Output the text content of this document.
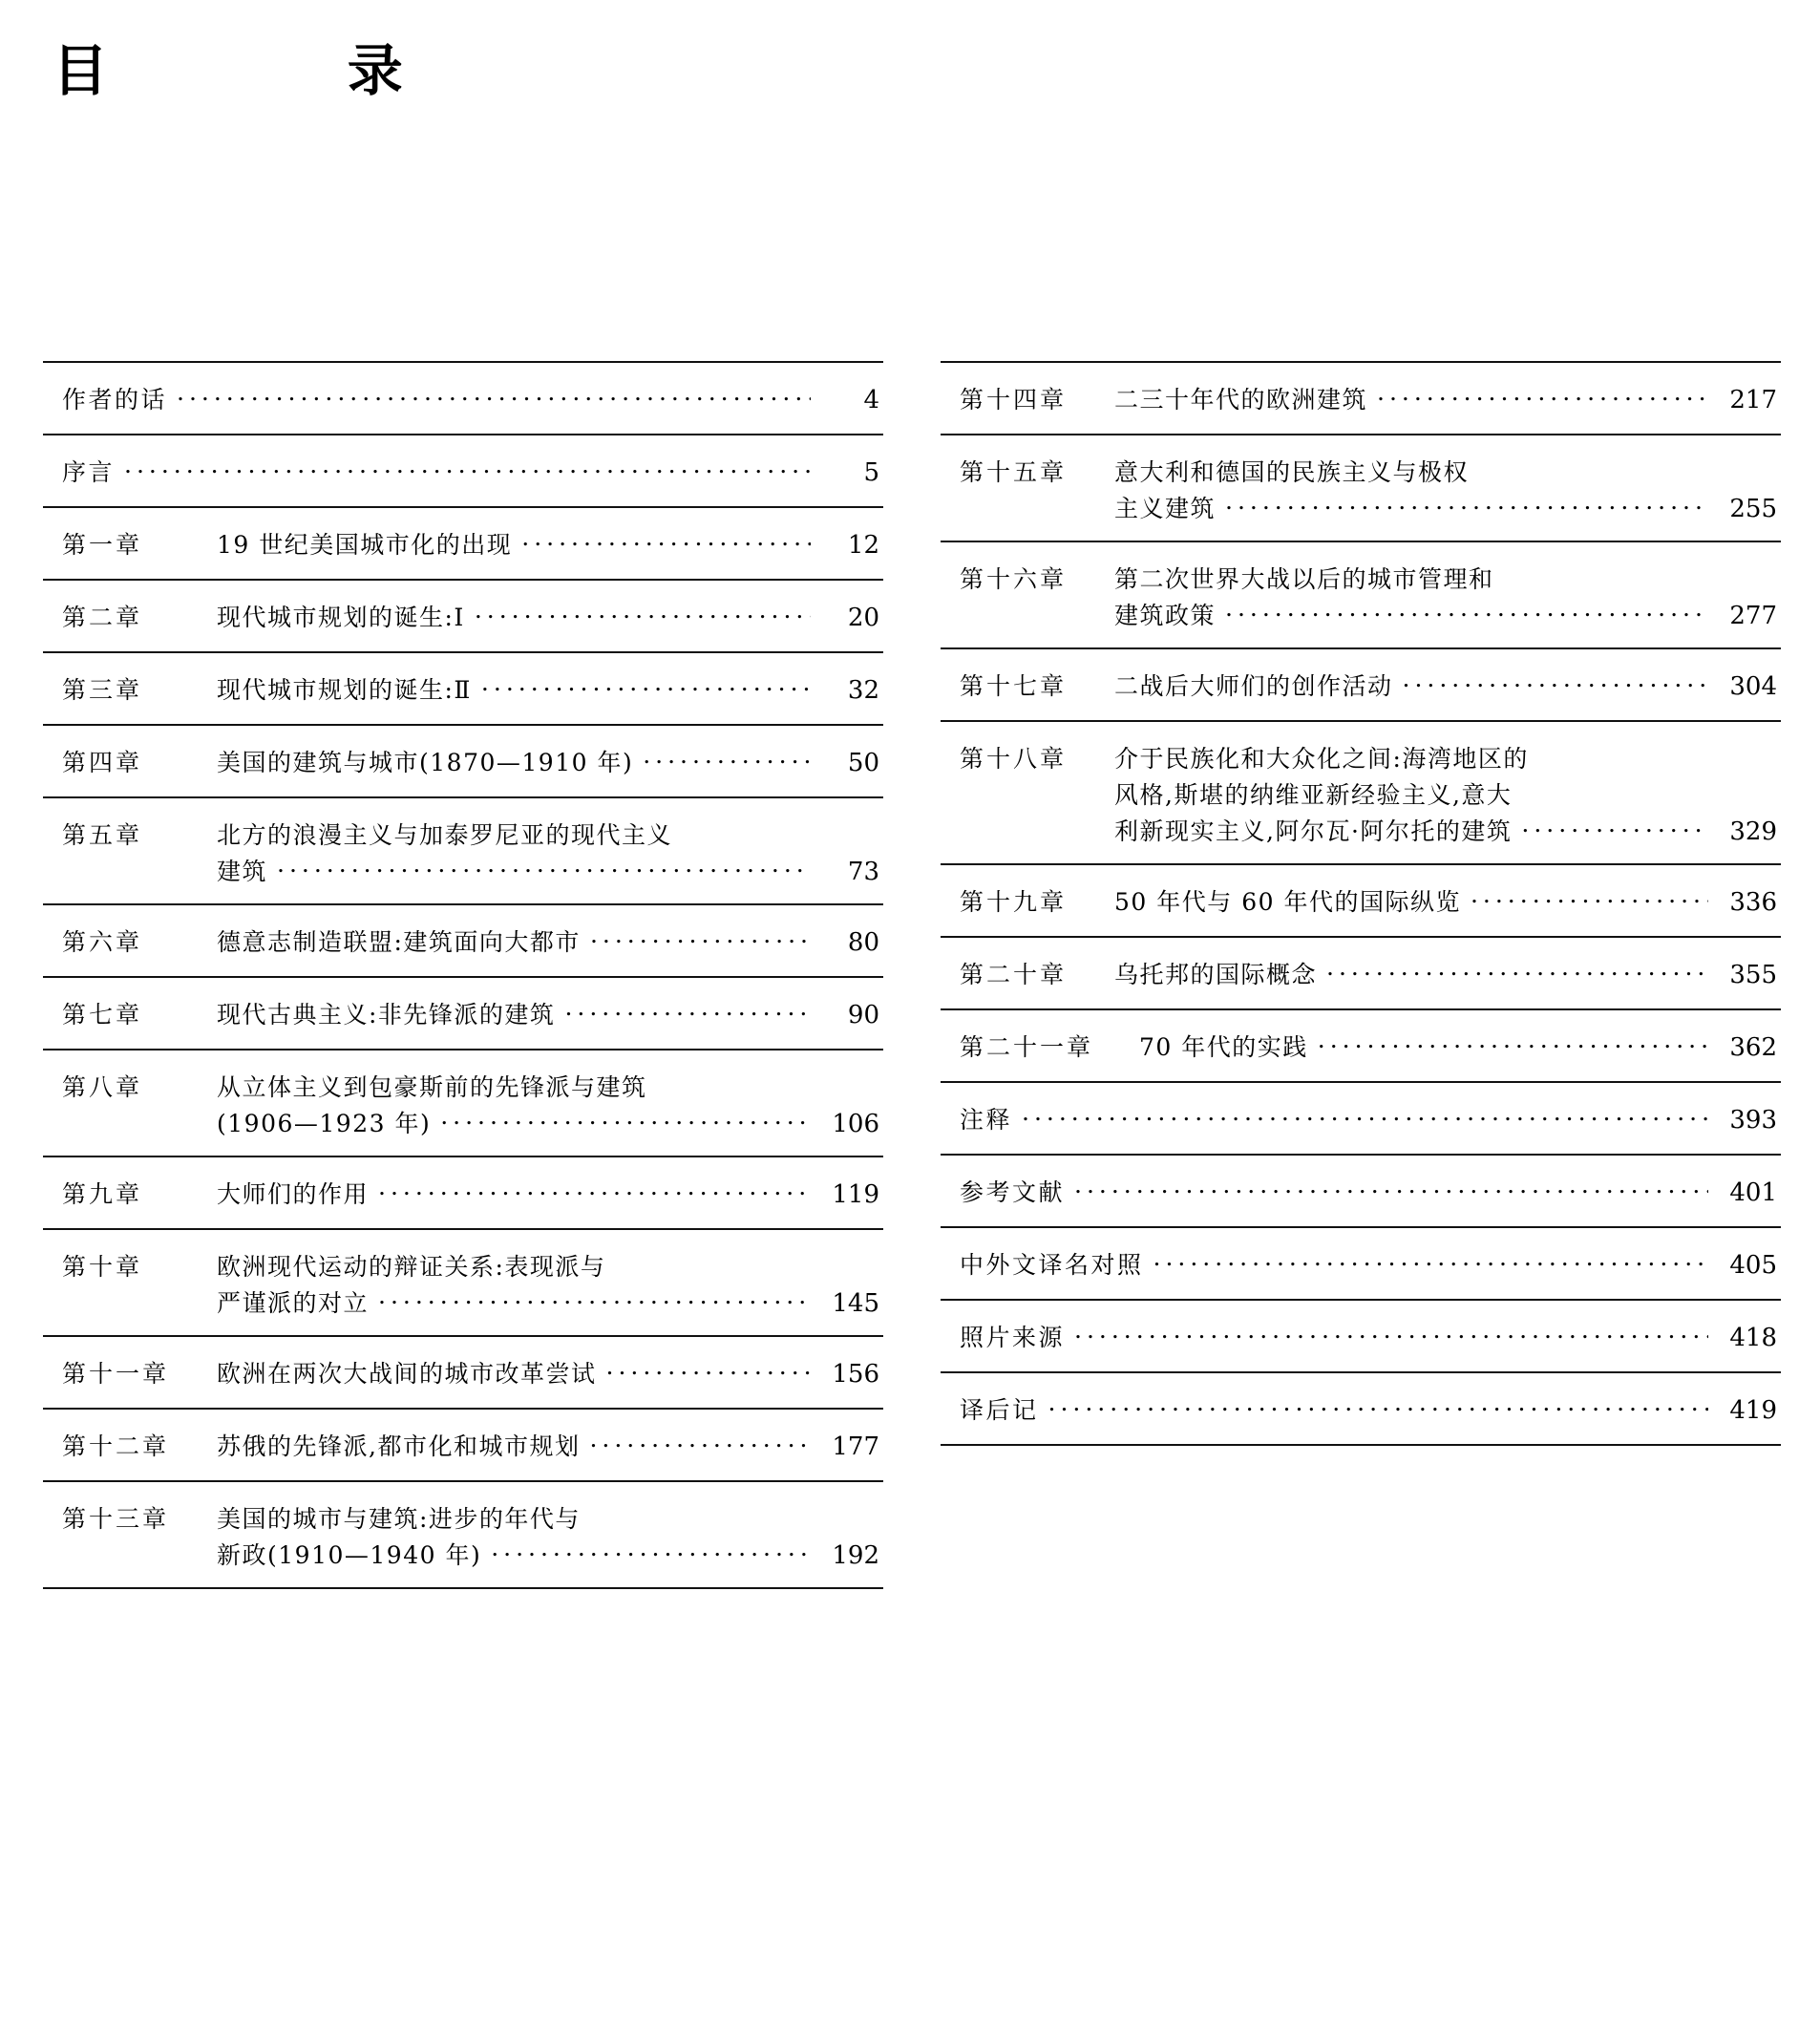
目    录
作者的话 .....	4
序言 .....	5
第一章	19 世纪美国城市化的出现 .....	12
第二章	现代城市规划的诞生:Ⅰ .....	20
第三章	现代城市规划的诞生:Ⅱ .....	32
第四章	美国的建筑与城市(1870—1910 年) .....	50
第五章	北方的浪漫主义与加泰罗尼亚的现代主义
建筑 .....	73
第六章	德意志制造联盟:建筑面向大都市 .....	80
第七章	现代古典主义:非先锋派的建筑 .....	90
第八章	从立体主义到包豪斯前的先锋派与建筑
(1906—1923 年) .....	106
第九章	大师们的作用 .....	119
第十章	欧洲现代运动的辩证关系:表现派与
严谨派的对立 .....	145
第十一章	欧洲在两次大战间的城市改革尝试 .....	156
第十二章	苏俄的先锋派,都市化和城市规划 .....	177
第十三章	美国的城市与建筑:进步的年代与
新政(1910—1940 年) .....	192
第十四章	二三十年代的欧洲建筑 .....	217
第十五章	意大利和德国的民族主义与极权
主义建筑 .....	255
第十六章	第二次世界大战以后的城市管理和
建筑政策 .....	277
第十七章	二战后大师们的创作活动 .....	304
第十八章	介于民族化和大众化之间:海湾地区的
风格,斯堪的纳维亚新经验主义,意大
利新现实主义,阿尔瓦·阿尔托的建筑 .....	329
第十九章	50 年代与 60 年代的国际纵览 .....	336
第二十章	乌托邦的国际概念 .....	355
第二十一章	70 年代的实践 .....	362
注释 .....	393
参考文献 .....	401
中外文译名对照 .....	405
照片来源 .....	418
译后记 .....	419
